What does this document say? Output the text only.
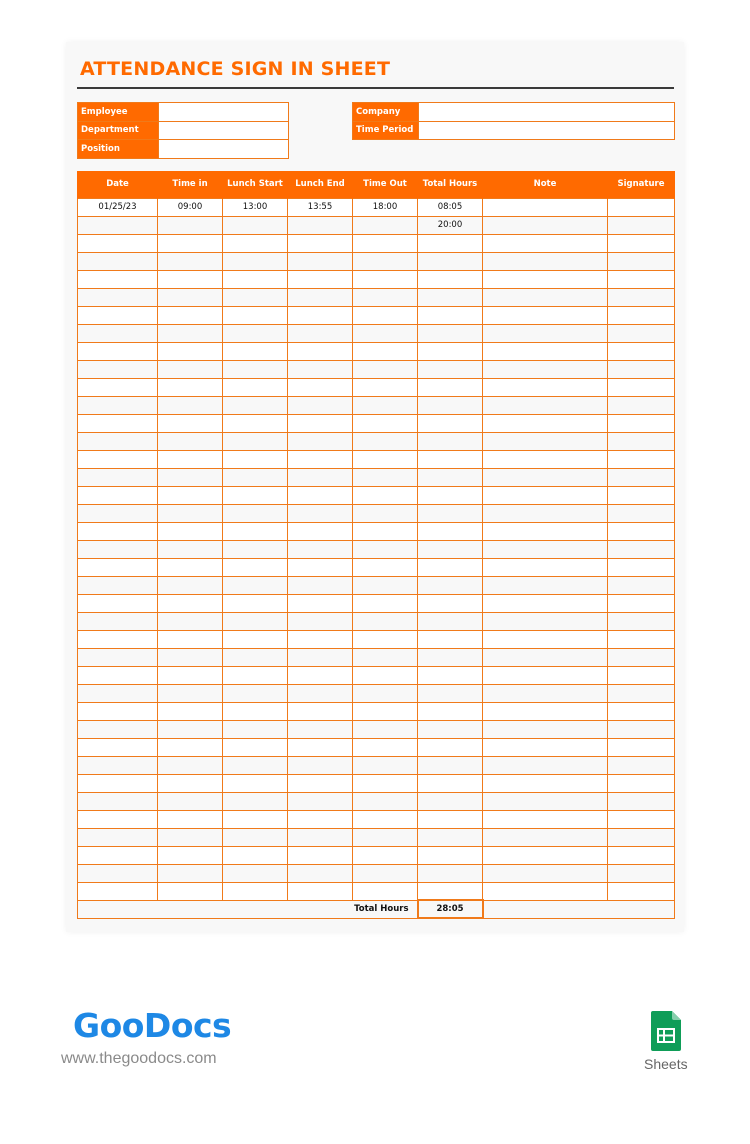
ATTENDANCE SIGN IN SHEET
Employee	
Department	
Position	
Company	
Time Period	
Date	Time in	Lunch Start	Lunch End	Time Out	Total Hours	Note	Signature
01/25/23	09:00	13:00	13:55	18:00	08:05		
					20:00		

Total Hours					28:05		
GooDocs
www.thegoodocs.com	Sheets
